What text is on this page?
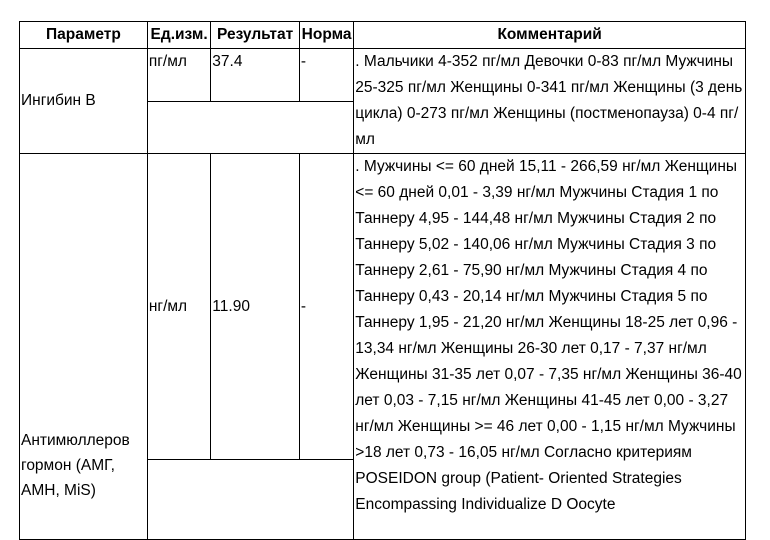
Параметр	Ед.изм.	Результат	Норма	Комментарий
Ингибин В	пг/мл	37.4	-	. Мальчики 4-352 пг/мл Девочки 0-83 пг/мл Мужчины 25-325 пг/мл Женщины 0-341 пг/мл Женщины (3 день цикла) 0-273 пг/мл Женщины (постменопауза) 0-4 пг/мл

Антимюллеров гормон (АМГ, AMH, MiS)	нг/мл	11.90	-	. Мужчины <= 60 дней 15,11 - 266,59 нг/мл Женщины <= 60 дней 0,01 - 3,39 нг/мл Мужчины Стадия 1 по Таннеру 4,95 - 144,48 нг/мл Мужчины Стадия 2 по Таннеру 5,02 - 140,06 нг/мл Мужчины Стадия 3 по Таннеру 2,61 - 75,90 нг/мл Мужчины Стадия 4 по Таннеру 0,43 - 20,14 нг/мл Мужчины Стадия 5 по Таннеру 1,95 - 21,20 нг/мл Женщины 18-25 лет 0,96 - 13,34 нг/мл Женщины 26-30 лет 0,17 - 7,37 нг/мл Женщины 31-35 лет 0,07 - 7,35 нг/мл Женщины 36-40 лет 0,03 - 7,15 нг/мл Женщины 41-45 лет 0,00 - 3,27 нг/мл Женщины >= 46 лет 0,00 - 1,15 нг/мл Мужчины >18 лет 0,73 - 16,05 нг/мл Согласно критериям POSEIDON group (Patient- Oriented Strategies Encompassing Individualize D Oocyte
